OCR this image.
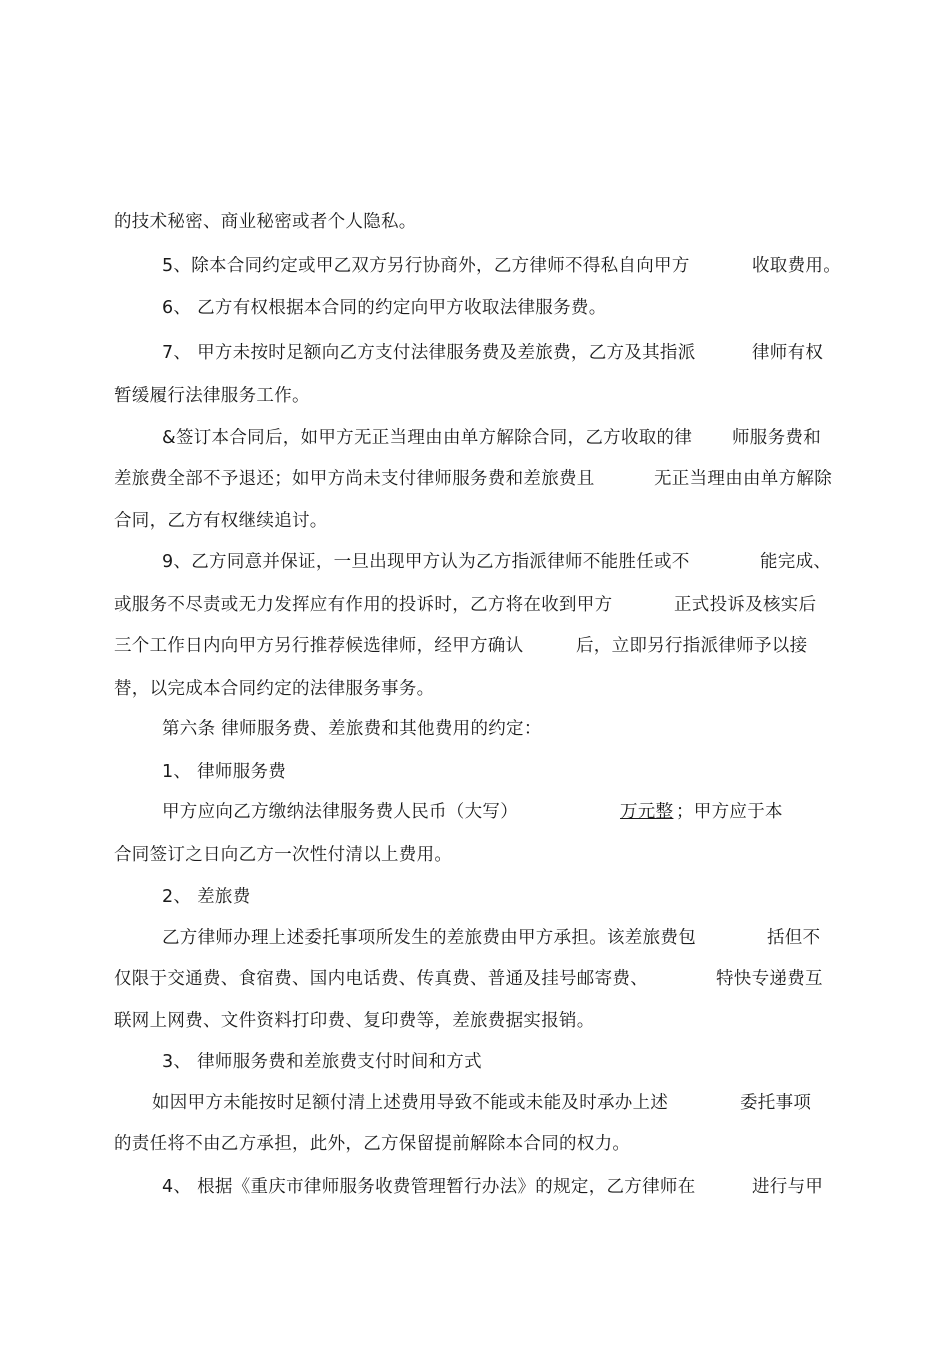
的技术秘密、商业秘密或者个人隐私。
5、除本合同约定或甲乙双方另行协商外，乙方律师不得私自向甲方	收取费用。
6、 乙方有权根据本合同的约定向甲方收取法律服务费。
7、 甲方未按时足额向乙方支付法律服务费及差旅费，乙方及其指派	律师有权
暂缓履行法律服务工作。
&签订本合同后，如甲方无正当理由由单方解除合同，乙方收取的律 师服务费和
差旅费全部不予退还；如甲方尚未支付律师服务费和差旅费且	无正当理由由单方解除
合同，乙方有权继续追讨。
9、乙方同意并保证，一旦出现甲方认为乙方指派律师不能胜任或不	能完成、
或服务不尽责或无力发挥应有作用的投诉时，乙方将在收到甲方	正式投诉及核实后
三个工作日内向甲方另行推荐候选律师，经甲方确认	后，立即另行指派律师予以接
替，以完成本合同约定的法律服务事务。
第六条 律师服务费、差旅费和其他费用的约定：
1、 律师服务费
甲方应向乙方缴纳法律服务费人民币（大写）	万元整 ；甲方应于本
合同签订之日向乙方一次性付清以上费用。
2、 差旅费
乙方律师办理上述委托事项所发生的差旅费由甲方承担。该差旅费包	括但不
仅限于交通费、食宿费、国内电话费、传真费、普通及挂号邮寄费、	特快专递费互
联网上网费、文件资料打印费、复印费等，差旅费据实报销。
3、 律师服务费和差旅费支付时间和方式
如因甲方未能按时足额付清上述费用导致不能或未能及时承办上述	委托事项
的责任将不由乙方承担，此外，乙方保留提前解除本合同的权力。
4、 根据《重庆市律师服务收费管理暂行办法》的规定，乙方律师在	进行与甲
